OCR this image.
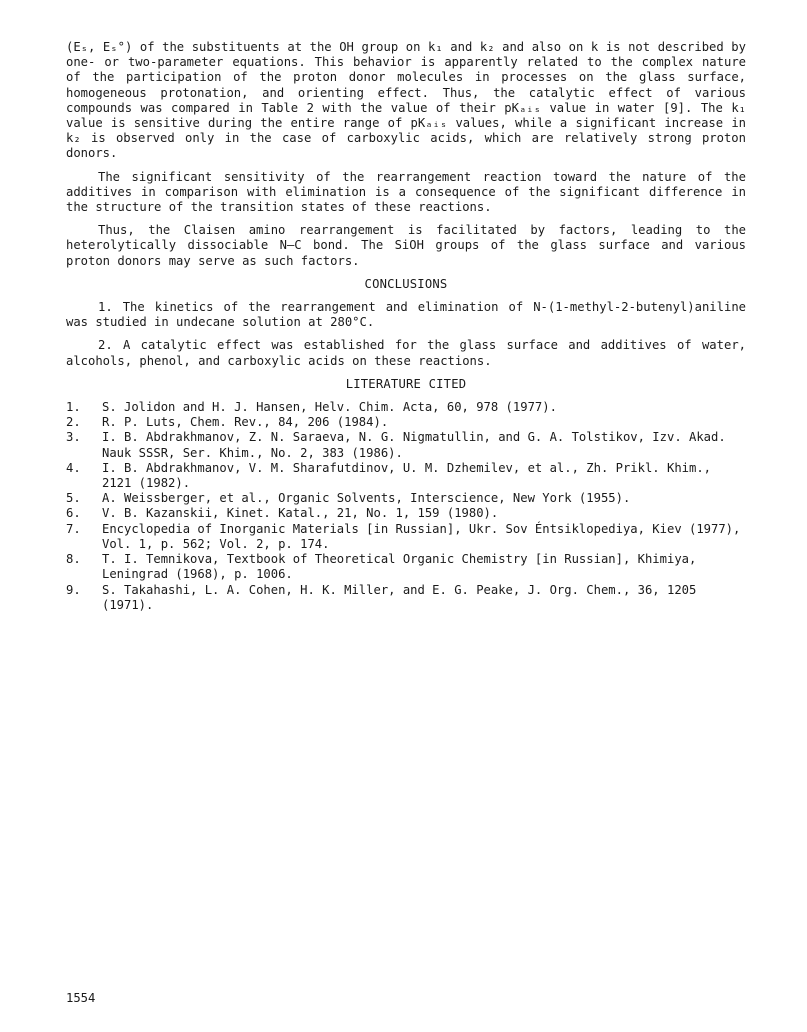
(Eₛ, Eₛ°) of the substituents at the OH group on k₁ and k₂ and also on k is not described by one- or two-parameter equations. This behavior is apparently related to the complex nature of the participation of the proton donor molecules in processes on the glass surface, homogeneous protonation, and orienting effect. Thus, the catalytic effect of various compounds was compared in Table 2 with the value of their pKₐᵢₛ value in water [9]. The k₁ value is sensitive during the entire range of pKₐᵢₛ values, while a significant increase in k₂ is observed only in the case of carboxylic acids, which are relatively strong proton donors.

The significant sensitivity of the rearrangement reaction toward the nature of the additives in comparison with elimination is a consequence of the significant difference in the structure of the transition states of these reactions.

Thus, the Claisen amino rearrangement is facilitated by factors, leading to the heterolytically dissociable N—C bond. The SiOH groups of the glass surface and various proton donors may serve as such factors.

CONCLUSIONS

1. The kinetics of the rearrangement and elimination of N-(1-methyl-2-butenyl)aniline was studied in undecane solution at 280°C.

2. A catalytic effect was established for the glass surface and additives of water, alcohols, phenol, and carboxylic acids on these reactions.

LITERATURE CITED

1.	S. Jolidon and H. J. Hansen, Helv. Chim. Acta, 60, 978 (1977).
2.	R. P. Luts, Chem. Rev., 84, 206 (1984).
3.	I. B. Abdrakhmanov, Z. N. Saraeva, N. G. Nigmatullin, and G. A. Tolstikov, Izv. Akad. Nauk SSSR, Ser. Khim., No. 2, 383 (1986).
4.	I. B. Abdrakhmanov, V. M. Sharafutdinov, U. M. Dzhemilev, et al., Zh. Prikl. Khim., 2121 (1982).
5.	A. Weissberger, et al., Organic Solvents, Interscience, New York (1955).
6.	V. B. Kazanskii, Kinet. Katal., 21, No. 1, 159 (1980).
7.	Encyclopedia of Inorganic Materials [in Russian], Ukr. Sov Éntsiklopediya, Kiev (1977), Vol. 1, p. 562; Vol. 2, p. 174.
8.	T. I. Temnikova, Textbook of Theoretical Organic Chemistry [in Russian], Khimiya, Leningrad (1968), p. 1006.
9.	S. Takahashi, L. A. Cohen, H. K. Miller, and E. G. Peake, J. Org. Chem., 36, 1205 (1971).
1554
